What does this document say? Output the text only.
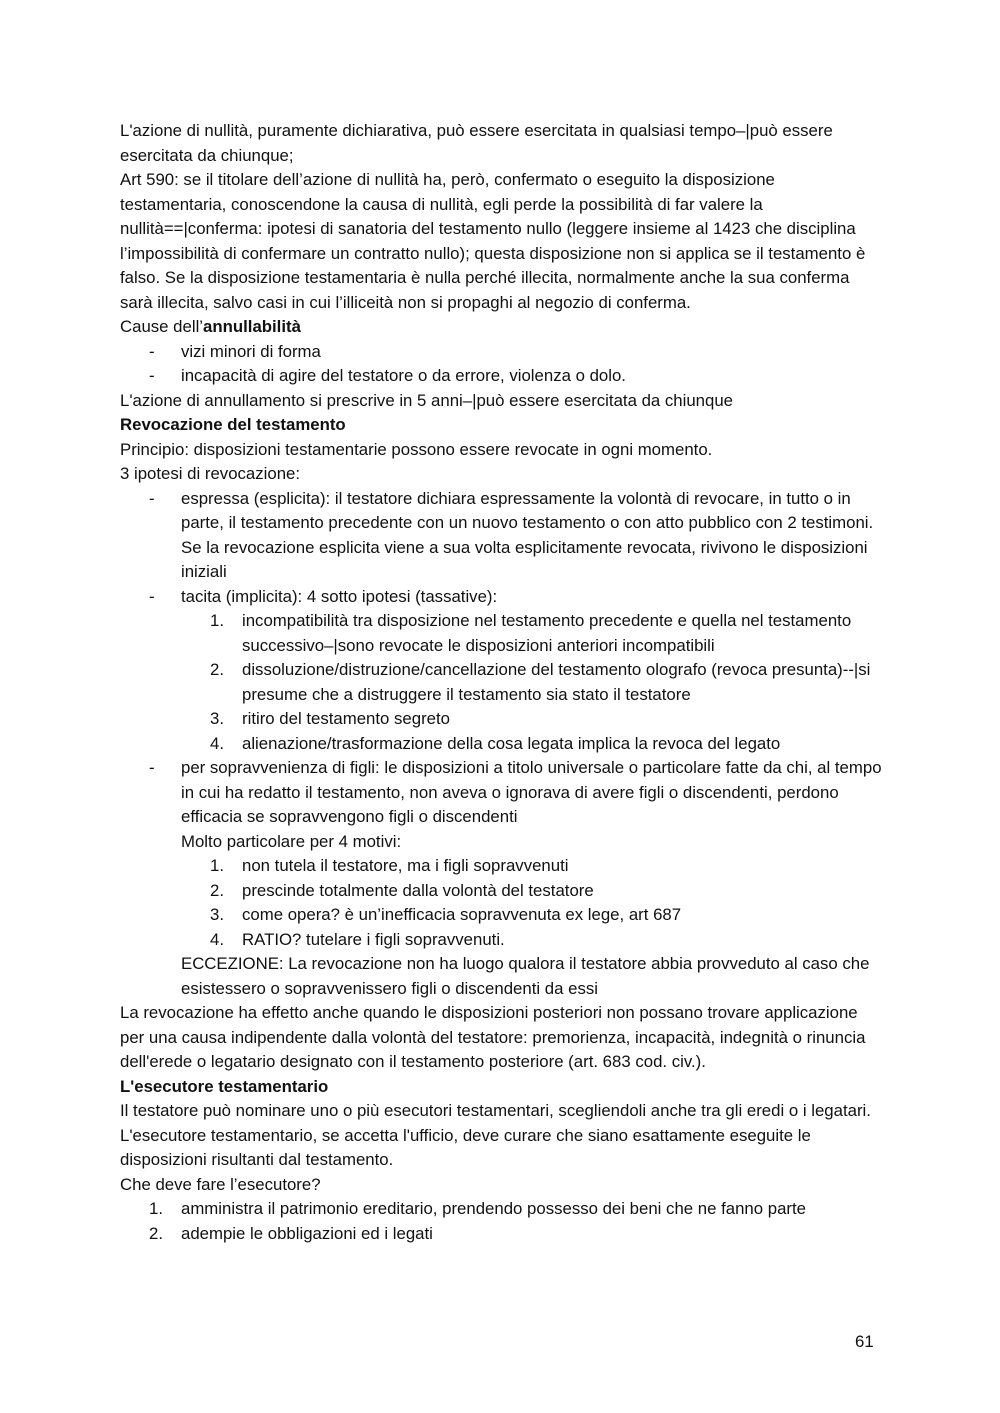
L'azione di nullità, puramente dichiarativa, può essere esercitata in qualsiasi tempo–|può essere esercitata da chiunque;

Art 590: se il titolare dell’azione di nullità ha, però, confermato o eseguito la disposizione testamentaria, conoscendone la causa di nullità, egli perde la possibilità di far valere la nullità==|conferma: ipotesi di sanatoria del testamento nullo (leggere insieme al 1423 che disciplina l’impossibilità di confermare un contratto nullo); questa disposizione non si applica se il testamento è falso. Se la disposizione testamentaria è nulla perché illecita, normalmente anche la sua conferma sarà illecita, salvo casi in cui l’illiceità non si propaghi al negozio di conferma.

Cause dell’annullabilità

- vizi minori di forma
- incapacità di agire del testatore o da errore, violenza o dolo.

L'azione di annullamento si prescrive in 5 anni–|può essere esercitata da chiunque

Revocazione del testamento

Principio: disposizioni testamentarie possono essere revocate in ogni momento.

3 ipotesi di revocazione:

- espressa (esplicita): il testatore dichiara espressamente la volontà di revocare, in tutto o in parte, il testamento precedente con un nuovo testamento o con atto pubblico con 2 testimoni. Se la revocazione esplicita viene a sua volta esplicitamente revocata, rivivono le disposizioni iniziali
- tacita (implicita): 4 sotto ipotesi (tassative):
1. incompatibilità tra disposizione nel testamento precedente e quella nel testamento successivo–|sono revocate le disposizioni anteriori incompatibili
2. dissoluzione/distruzione/cancellazione del testamento olografo (revoca presunta)--|si presume che a distruggere il testamento sia stato il testatore
3. ritiro del testamento segreto
4. alienazione/trasformazione della cosa legata implica la revoca del legato
- per sopravvenienza di figli: le disposizioni a titolo universale o particolare fatte da chi, al tempo in cui ha redatto il testamento, non aveva o ignorava di avere figli o discendenti, perdono efficacia se sopravvengono figli o discendenti
Molto particolare per 4 motivi:
1. non tutela il testatore, ma i figli sopravvenuti
2. prescinde totalmente dalla volontà del testatore
3. come opera? è un’inefficacia sopravvenuta ex lege, art 687
4. RATIO? tutelare i figli sopravvenuti.
ECCEZIONE: La revocazione non ha luogo qualora il testatore abbia provveduto al caso che esistessero o sopravvenissero figli o discendenti da essi

La revocazione ha effetto anche quando le disposizioni posteriori non possano trovare applicazione per una causa indipendente dalla volontà del testatore: premorienza, incapacità, indegnità o rinuncia dell'erede o legatario designato con il testamento posteriore (art. 683 cod. civ.).

L'esecutore testamentario

Il testatore può nominare uno o più esecutori testamentari, scegliendoli anche tra gli eredi o i legatari. L'esecutore testamentario, se accetta l'ufficio, deve curare che siano esattamente eseguite le disposizioni risultanti dal testamento.

Che deve fare l’esecutore?

1. amministra il patrimonio ereditario, prendendo possesso dei beni che ne fanno parte
2. adempie le obbligazioni ed i legati
61
